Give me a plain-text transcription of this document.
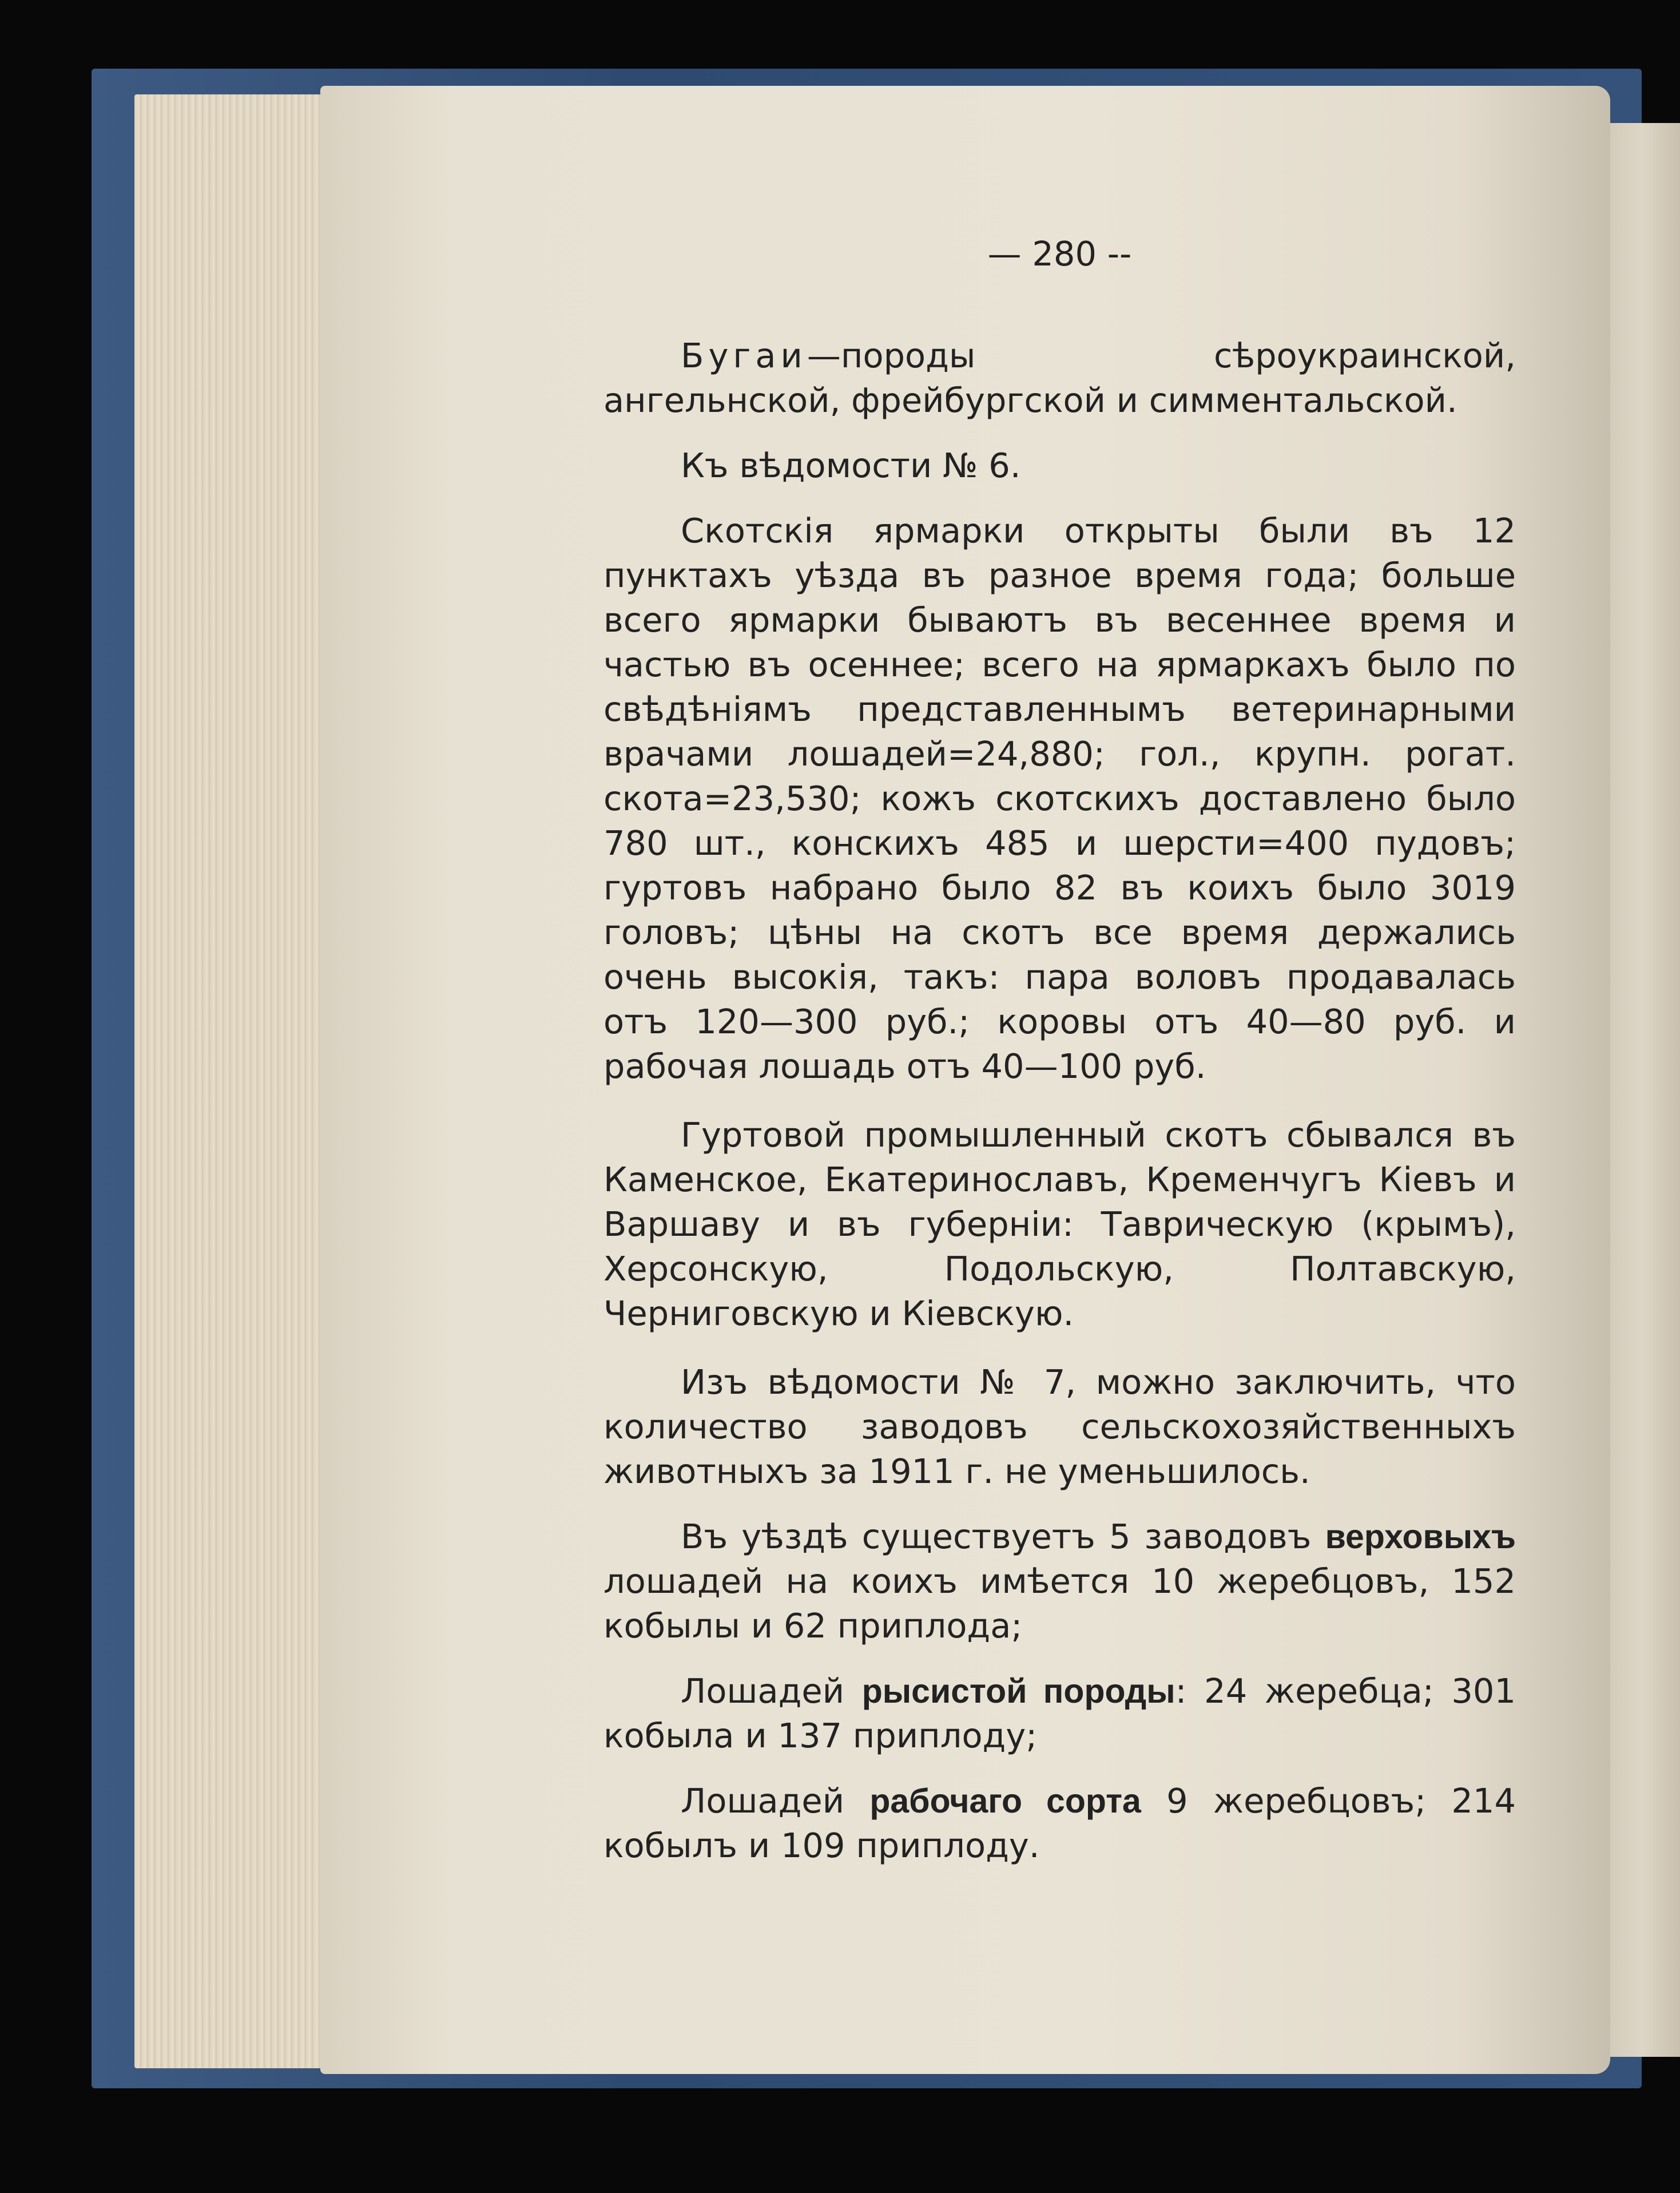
— 280 --

Бугаи—породы сѣроукраинской, ангельнской, фрейбургской и симментальской.

Къ вѣдомости № 6.

Скотскія ярмарки открыты были въ 12 пунктахъ уѣзда въ разное время года; больше всего ярмарки бываютъ въ весеннее время и частью въ осеннее; всего на ярмаркахъ было по свѣдѣніямъ представленнымъ ветеринарными врачами лошадей=24,880; гол., крупн. рогат. скота=23,530; кожъ скотскихъ доставлено было 780 шт., конскихъ 485 и шерсти=400 пудовъ; гуртовъ набрано было 82 въ коихъ было 3019 головъ; цѣны на скотъ все время держались очень высокія, такъ: пара воловъ продавалась отъ 120—300 руб.; коровы отъ 40—80 руб. и рабочая лошадь отъ 40—100 руб.

Гуртовой промышленный скотъ сбывался въ Каменское, Екатеринославъ, Кременчугъ Кіевъ и Варшаву и въ губерніи: Таврическую (крымъ), Херсонскую, Подольскую, Полтавскую, Черниговскую и Кіевскую.

Изъ вѣдомости № 7, можно заключить, что количество заводовъ сельскохозяйственныхъ животныхъ за 1911 г. не уменьшилось.

Въ уѣздѣ существуетъ 5 заводовъ верховыхъ лошадей на коихъ имѣется 10 жеребцовъ, 152 кобылы и 62 приплода;

Лошадей рысистой породы: 24 жеребца; 301 кобыла и 137 приплоду;

Лошадей рабочаго сорта 9 жеребцовъ; 214 кобылъ и 109 приплоду.
